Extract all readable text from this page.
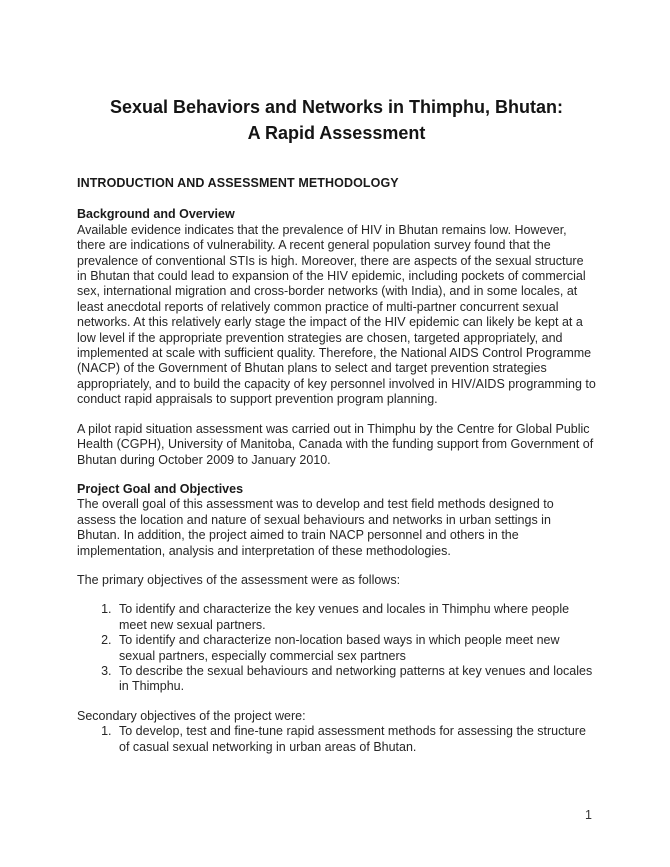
Sexual Behaviors and Networks in Thimphu, Bhutan:
A Rapid Assessment
INTRODUCTION AND ASSESSMENT METHODOLOGY
Background and Overview

Available evidence indicates that the prevalence of HIV in Bhutan remains low. However, there are indications of vulnerability. A recent general population survey found that the prevalence of conventional STIs is high. Moreover, there are aspects of the sexual structure in Bhutan that could lead to expansion of the HIV epidemic, including pockets of commercial sex, international migration and cross-border networks (with India), and in some locales, at least anecdotal reports of relatively common practice of multi-partner concurrent sexual networks. At this relatively early stage the impact of the HIV epidemic can likely be kept at a low level if the appropriate prevention strategies are chosen, targeted appropriately, and implemented at scale with sufficient quality. Therefore, the National AIDS Control Programme (NACP) of the Government of Bhutan plans to select and target prevention strategies appropriately, and to build the capacity of key personnel involved in HIV/AIDS programming to conduct rapid appraisals to support prevention program planning.

A pilot rapid situation assessment was carried out in Thimphu by the Centre for Global Public Health (CGPH), University of Manitoba, Canada with the funding support from Government of Bhutan during October 2009 to January 2010.

Project Goal and Objectives

The overall goal of this assessment was to develop and test field methods designed to assess the location and nature of sexual behaviours and networks in urban settings in Bhutan. In addition, the project aimed to train NACP personnel and others in the implementation, analysis and interpretation of these methodologies.

The primary objectives of the assessment were as follows:

1. To identify and characterize the key venues and locales in Thimphu where people meet new sexual partners.
2. To identify and characterize non-location based ways in which people meet new sexual partners, especially commercial sex partners
3. To describe the sexual behaviours and networking patterns at key venues and locales in Thimphu.

Secondary objectives of the project were:

1. To develop, test and fine-tune rapid assessment methods for assessing the structure of casual sexual networking in urban areas of Bhutan.
1
